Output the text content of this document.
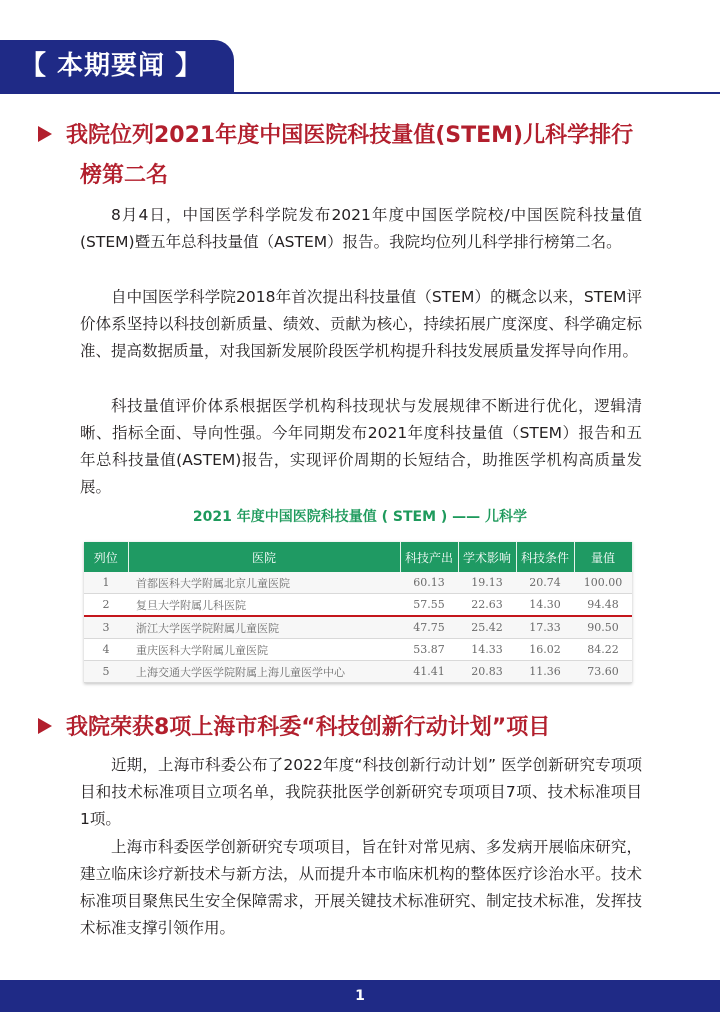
【 本期要闻 】
我院位列2021年度中国医院科技量值(STEM)儿科学排行
榜第二名

8月4日，中国医学科学院发布2021年度中国医学院校/中国医院科技量值(STEM)暨五年总科技量值（ASTEM）报告。我院均位列儿科学排行榜第二名。

自中国医学科学院2018年首次提出科技量值（STEM）的概念以来，STEM评价体系坚持以科技创新质量、绩效、贡献为核心，持续拓展广度深度、科学确定标准、提高数据质量，对我国新发展阶段医学机构提升科技发展质量发挥导向作用。

科技量值评价体系根据医学机构科技现状与发展规律不断进行优化，逻辑清晰、指标全面、导向性强。今年同期发布2021年度科技量值（STEM）报告和五年总科技量值(ASTEM)报告，实现评价周期的长短结合，助推医学机构高质量发展。

2021 年度中国医院科技量值 ( STEM ) —— 儿科学
列位	医院	科技产出	学术影响	科技条件	量值
1	首都医科大学附属北京儿童医院	60.13	19.13	20.74	100.00
2	复旦大学附属儿科医院	57.55	22.63	14.30	94.48
3	浙江大学医学院附属儿童医院	47.75	25.42	17.33	90.50
4	重庆医科大学附属儿童医院	53.87	14.33	16.02	84.22
5	上海交通大学医学院附属上海儿童医学中心	41.41	20.83	11.36	73.60
我院荣获8项上海市科委“科技创新行动计划”项目

近期，上海市科委公布了2022年度“科技创新行动计划” 医学创新研究专项项目和技术标准项目立项名单，我院获批医学创新研究专项项目7项、技术标准项目1项。

上海市科委医学创新研究专项项目，旨在针对常见病、多发病开展临床研究，建立临床诊疗新技术与新方法，从而提升本市临床机构的整体医疗诊治水平。技术标准项目聚焦民生安全保障需求，开展关键技术标准研究、制定技术标准，发挥技术标准支撑引领作用。

1
